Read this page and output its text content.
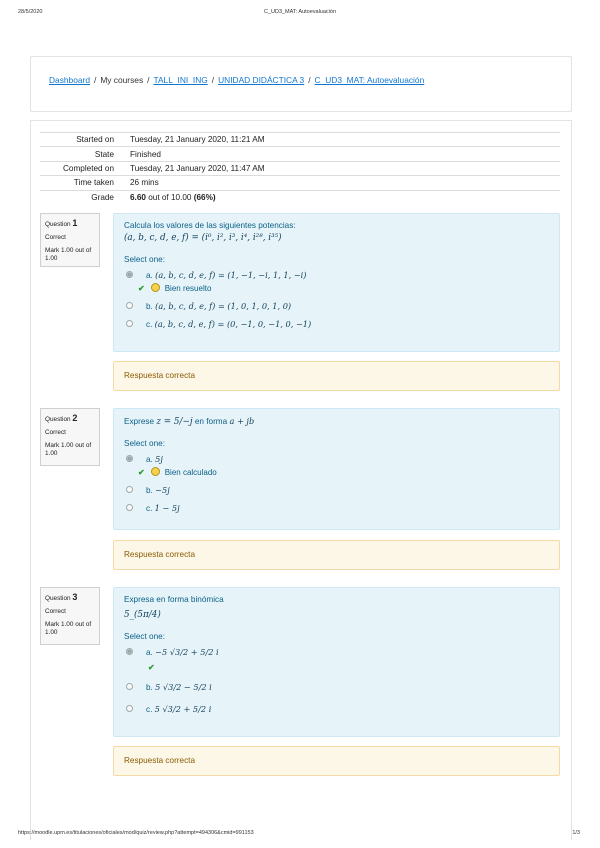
28/5/2020	C_UD3_MAT: Autoevaluación
Dashboard / My courses / TALL_INI_ING / UNIDAD DIDÁCTICA 3 / C_UD3_MAT: Autoevaluación
Started on	Tuesday, 21 January 2020, 11:21 AM
State	Finished
Completed on	Tuesday, 21 January 2020, 11:47 AM
Time taken	26 mins
Grade	6.60 out of 10.00 (66%)
Question 1
Correct
Mark 1.00 out of 1.00
Calcula los valores de las siguientes potencias:
(a, b, c, d, e, f) = (i⁰, i², i³, i⁴, i²⁸, i³⁵)
Select one:
a. (a, b, c, d, e, f) = (1, −1, −i, 1, 1, −i)
✔	Bien resuelto
b. (a, b, c, d, e, f) = (1, 0, 1, 0, 1, 0)
c. (a, b, c, d, e, f) = (0, −1, 0, −1, 0, −1)
Respuesta correcta
Question 2
Correct
Mark 1.00 out of 1.00
Exprese z = 5/−j en forma a + jb
Select one:
a. 5j
✔	Bien calculado
b. −5j
c. 1 − 5j
Respuesta correcta
Question 3
Correct
Mark 1.00 out of 1.00
Expresa en forma binómica
5_(5π/4)
Select one:
a. −5 √3/2 + 5/2 i
✔
b. 5 √3/2 − 5/2 i
c. 5 √3/2 + 5/2 i
Respuesta correcta
https://moodle.upm.es/titulaciones/oficiales/mod/quiz/review.php?attempt=494306&cmid=991153	1/3
